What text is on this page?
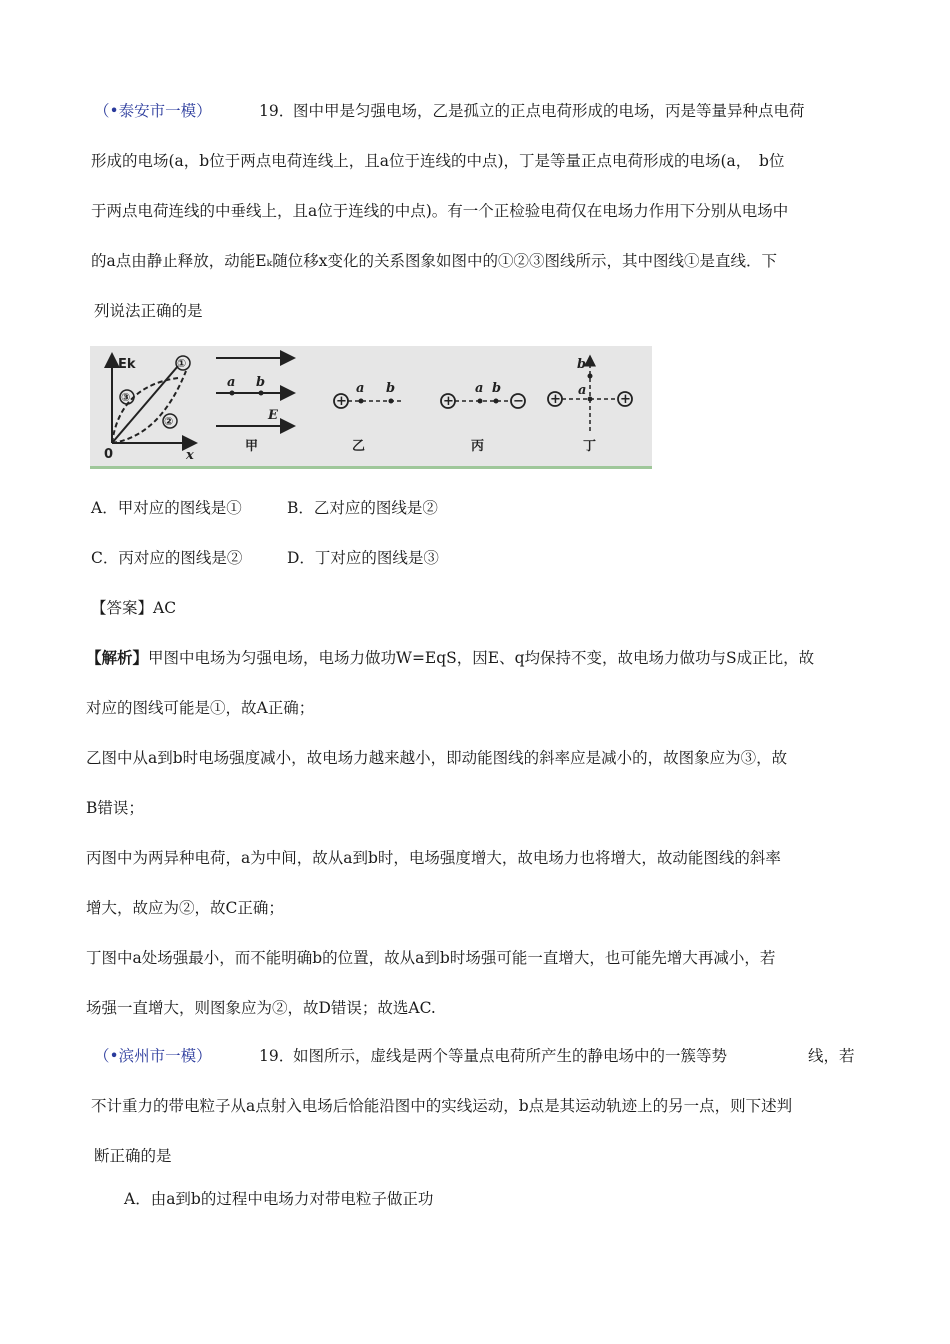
（•泰安市一模）	19．
图中甲是匀强电场，乙是孤立的正点电荷形成的电场，丙是等量异种点电荷
形成的电场(a，b位于两点电荷连线上，且a位于连线的中点)，丁是等量正点电荷形成的电场(a，　b位
于两点电荷连线的中垂线上，且a位于连线的中点)。有一个正检验电荷仅在电场力作用下分别从电场中
的a点由静止释放，动能Eₖ随位移x变化的关系图象如图中的①②③图线所示，其中图线①是直线．下
列说法正确的是
Ek
0	x
①
③
②
a b
E
甲
+
a b
乙
+
a b
−
丙
+	+
a
b
丁
A．甲对应的图线是①	B．乙对应的图线是②
C．丙对应的图线是②	D．丁对应的图线是③
【答案】AC
【解析】甲图中电场为匀强电场，电场力做功W=EqS，因E、q均保持不变，故电场力做功与S成正比，故
对应的图线可能是①，故A正确；
乙图中从a到b时电场强度减小，故电场力越来越小，即动能图线的斜率应是减小的，故图象应为③，故
B错误；
丙图中为两异种电荷，a为中间，故从a到b时，电场强度增大，故电场力也将增大，故动能图线的斜率
增大，故应为②，故C正确；
丁图中a处场强最小，而不能明确b的位置，故从a到b时场强可能一直增大，也可能先增大再减小，若
场强一直增大，则图象应为②，故D错误；故选AC.
（•滨州市一模）	19．
如图所示，虚线是两个等量点电荷所产生的静电场中的一簇等势	线，若
不计重力的带电粒子从a点射入电场后恰能沿图中的实线运动，b点是其运动轨迹上的另一点，则下述判
断正确的是
A．由a到b的过程中电场力对带电粒子做正功
